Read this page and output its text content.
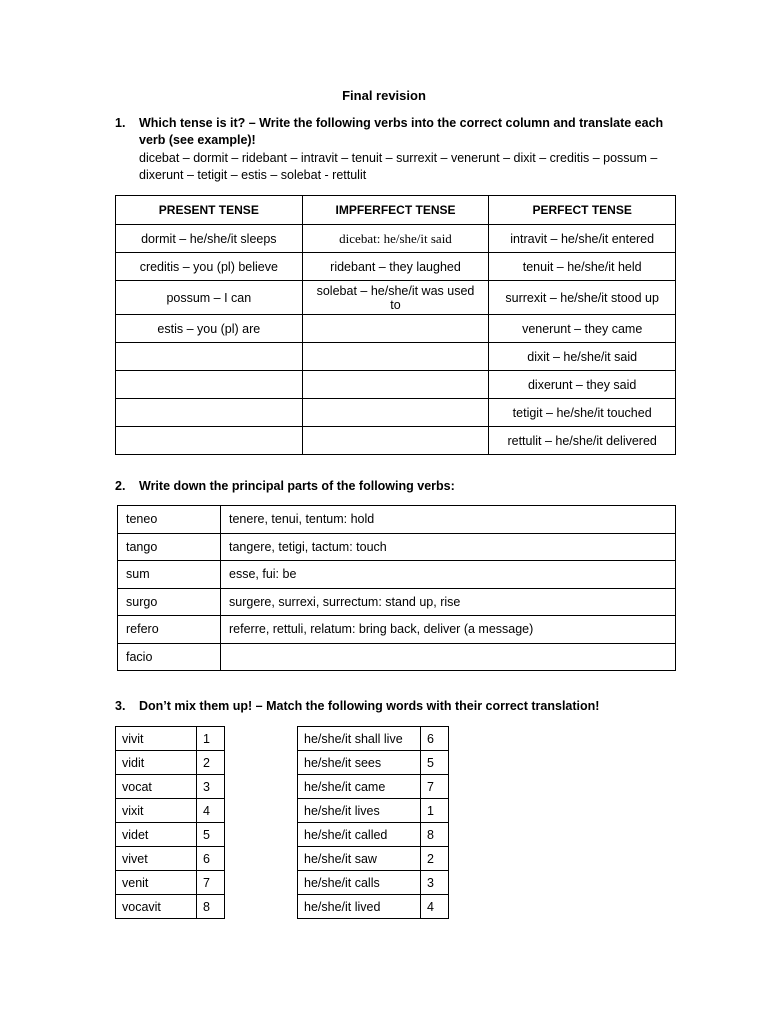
Final revision
1. Which tense is it? – Write the following verbs into the correct column and translate each verb (see example)!
dicebat – dormit – ridebant – intravit – tenuit – surrexit – venerunt – dixit – creditis – possum – dixerunt – tetigit – estis – solebat - rettulit
PRESENT TENSE	IMPFERFECT TENSE	PERFECT TENSE
dormit – he/she/it sleeps	dicebat: he/she/it said	intravit – he/she/it entered
creditis – you (pl) believe	ridebant – they laughed	tenuit – he/she/it held
possum – I can	solebat – he/she/it was used to	surrexit – he/she/it stood up
estis – you (pl) are		venerunt – they came
		dixit – he/she/it said
		dixerunt – they said
		tetigit – he/she/it touched
		rettulit – he/she/it delivered
2. Write down the principal parts of the following verbs:
teneo	tenere, tenui, tentum: hold
tango	tangere, tetigi, tactum: touch
sum	esse, fui: be
surgo	surgere, surrexi, surrectum: stand up, rise
refero	referre, rettuli, relatum: bring back, deliver (a message)
facio	
3. Don’t mix them up! – Match the following words with their correct translation!
vivit	1
vidit	2
vocat	3
vixit	4
videt	5
vivet	6
venit	7
vocavit	8
he/she/it shall live	6
he/she/it sees	5
he/she/it came	7
he/she/it lives	1
he/she/it called	8
he/she/it saw	2
he/she/it calls	3
he/she/it lived	4
